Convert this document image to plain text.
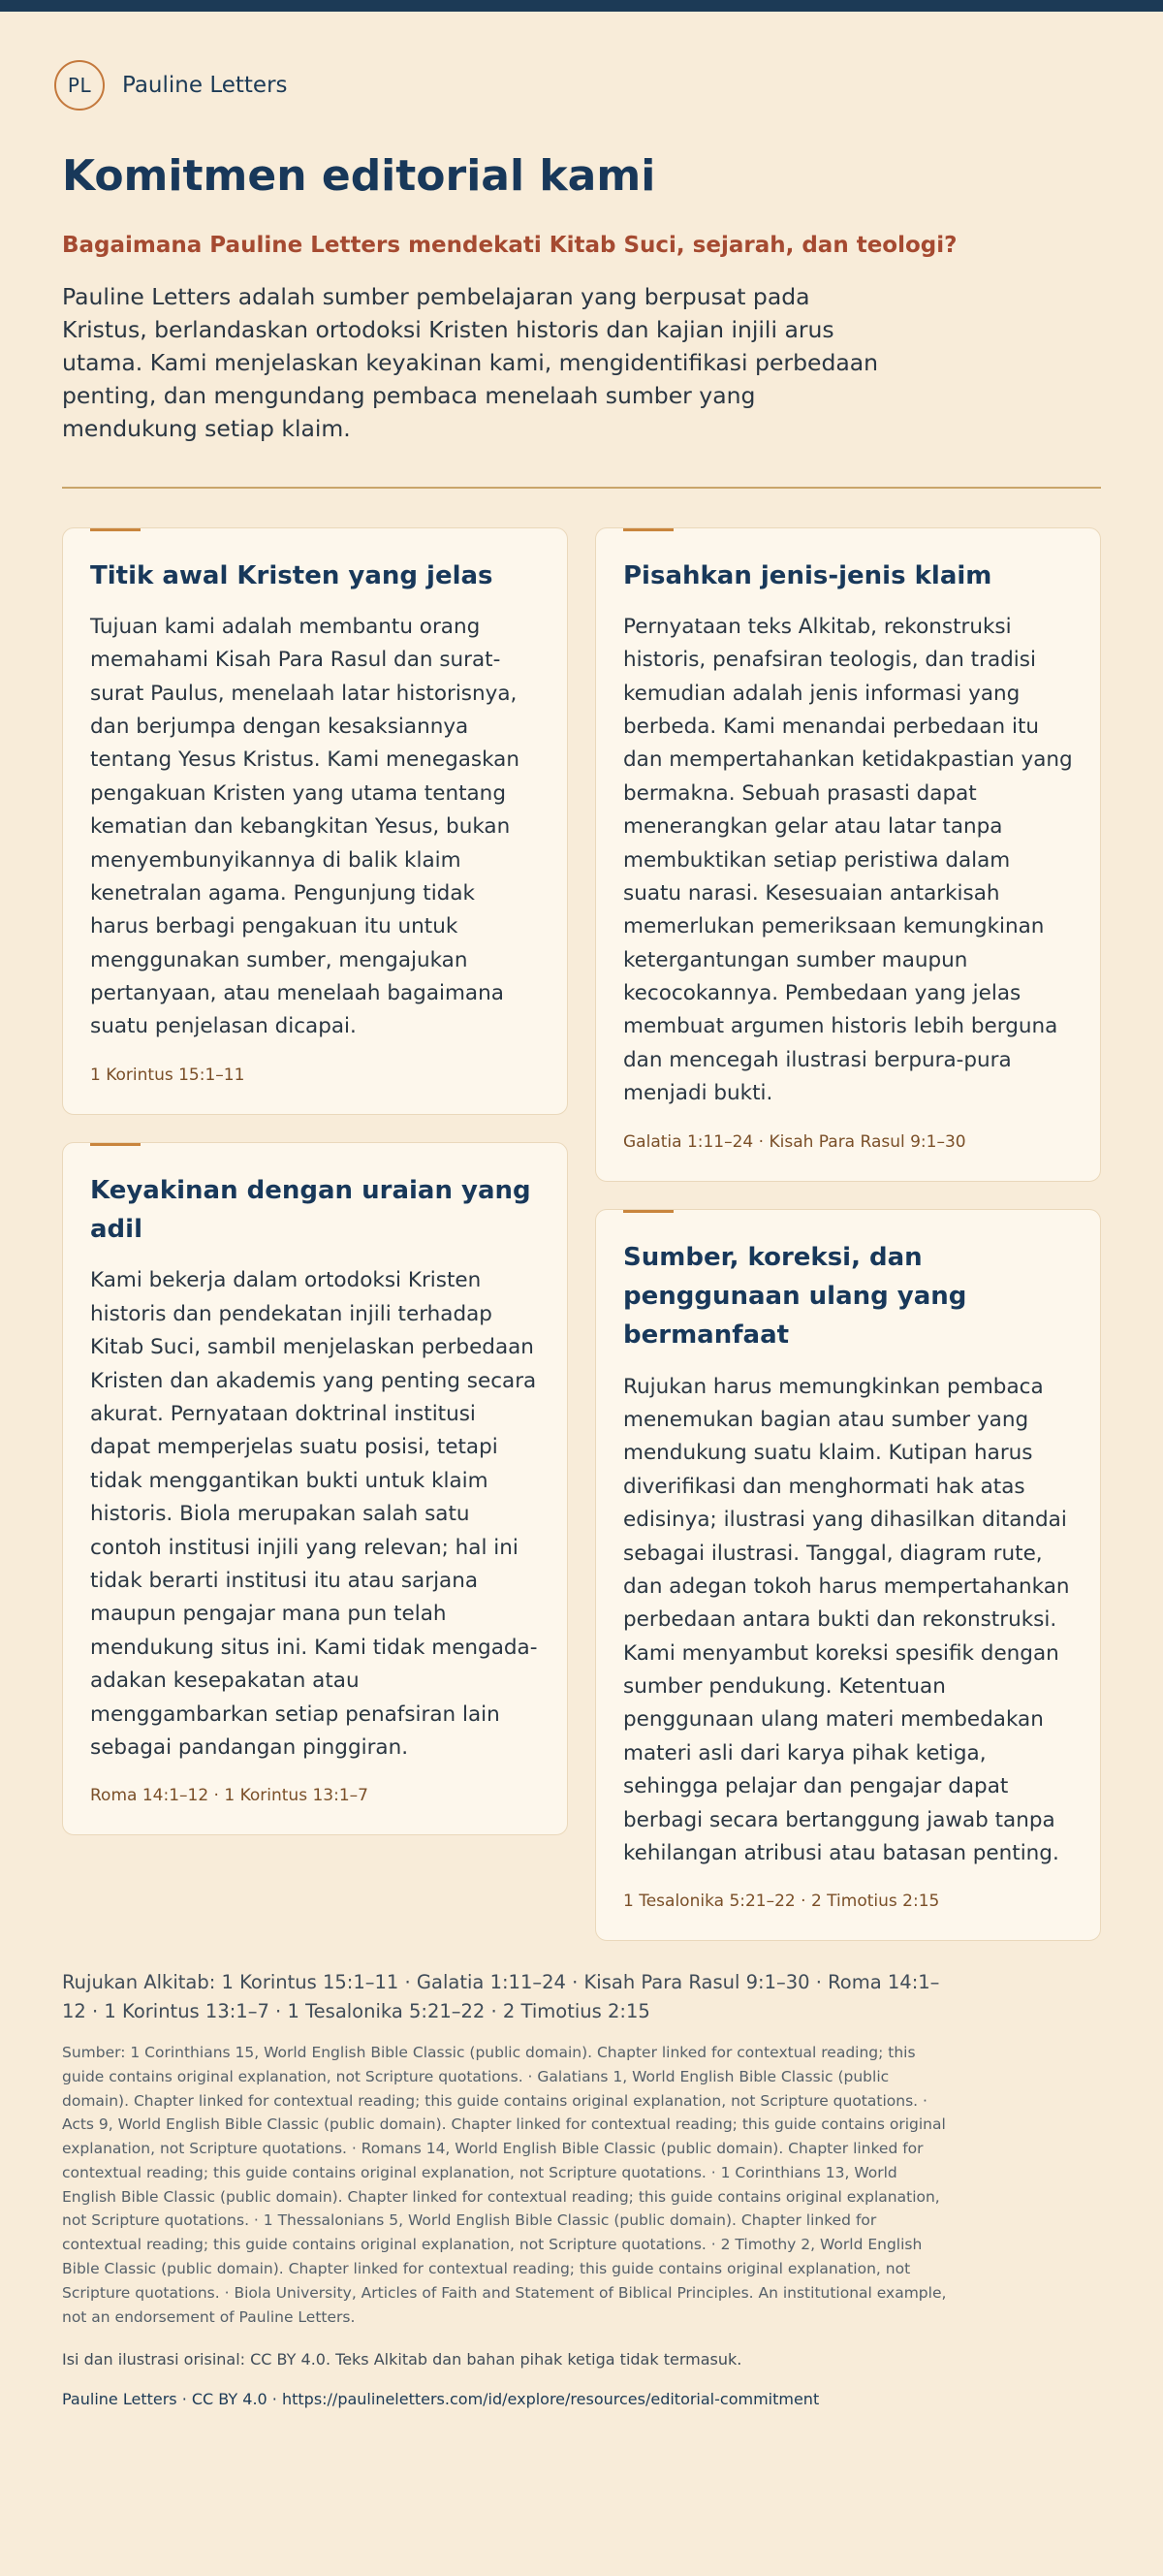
PL	Pauline Letters
Komitmen editorial kami
Bagaimana Pauline Letters mendekati Kitab Suci, sejarah, dan teologi?

Pauline Letters adalah sumber pembelajaran yang berpusat pada Kristus, berlandaskan ortodoksi Kristen historis dan kajian injili arus utama. Kami menjelaskan keyakinan kami, mengidentifikasi perbedaan penting, dan mengundang pembaca menelaah sumber yang mendukung setiap klaim.

Titik awal Kristen yang jelas

Tujuan kami adalah membantu orang memahami Kisah Para Rasul dan surat-surat Paulus, menelaah latar historisnya, dan berjumpa dengan kesaksiannya tentang Yesus Kristus. Kami menegaskan pengakuan Kristen yang utama tentang kematian dan kebangkitan Yesus, bukan menyembunyikannya di balik klaim kenetralan agama. Pengunjung tidak harus berbagi pengakuan itu untuk menggunakan sumber, mengajukan pertanyaan, atau menelaah bagaimana suatu penjelasan dicapai.

1 Korintus 15:1–11
Keyakinan dengan uraian yang adil

Kami bekerja dalam ortodoksi Kristen historis dan pendekatan injili terhadap Kitab Suci, sambil menjelaskan perbedaan Kristen dan akademis yang penting secara akurat. Pernyataan doktrinal institusi dapat memperjelas suatu posisi, tetapi tidak menggantikan bukti untuk klaim historis. Biola merupakan salah satu contoh institusi injili yang relevan; hal ini tidak berarti institusi itu atau sarjana maupun pengajar mana pun telah mendukung situs ini. Kami tidak mengada-adakan kesepakatan atau menggambarkan setiap penafsiran lain sebagai pandangan pinggiran.

Roma 14:1–12 · 1 Korintus 13:1–7
Pisahkan jenis-jenis klaim

Pernyataan teks Alkitab, rekonstruksi historis, penafsiran teologis, dan tradisi kemudian adalah jenis informasi yang berbeda. Kami menandai perbedaan itu dan mempertahankan ketidakpastian yang bermakna. Sebuah prasasti dapat menerangkan gelar atau latar tanpa membuktikan setiap peristiwa dalam suatu narasi. Kesesuaian antarkisah memerlukan pemeriksaan kemungkinan ketergantungan sumber maupun kecocokannya. Pembedaan yang jelas membuat argumen historis lebih berguna dan mencegah ilustrasi berpura-pura menjadi bukti.

Galatia 1:11–24 · Kisah Para Rasul 9:1–30
Sumber, koreksi, dan penggunaan ulang yang bermanfaat

Rujukan harus memungkinkan pembaca menemukan bagian atau sumber yang mendukung suatu klaim. Kutipan harus diverifikasi dan menghormati hak atas edisinya; ilustrasi yang dihasilkan ditandai sebagai ilustrasi. Tanggal, diagram rute, dan adegan tokoh harus mempertahankan perbedaan antara bukti dan rekonstruksi. Kami menyambut koreksi spesifik dengan sumber pendukung. Ketentuan penggunaan ulang materi membedakan materi asli dari karya pihak ketiga, sehingga pelajar dan pengajar dapat berbagi secara bertanggung jawab tanpa kehilangan atribusi atau batasan penting.

1 Tesalonika 5:21–22 · 2 Timotius 2:15

Rujukan Alkitab: 1 Korintus 15:1–11 · Galatia 1:11–24 · Kisah Para Rasul 9:1–30 · Roma 14:1–12 · 1 Korintus 13:1–7 · 1 Tesalonika 5:21–22 · 2 Timotius 2:15

Sumber: 1 Corinthians 15, World English Bible Classic (public domain). Chapter linked for contextual reading; this guide contains original explanation, not Scripture quotations. · Galatians 1, World English Bible Classic (public domain). Chapter linked for contextual reading; this guide contains original explanation, not Scripture quotations. · Acts 9, World English Bible Classic (public domain). Chapter linked for contextual reading; this guide contains original explanation, not Scripture quotations. · Romans 14, World English Bible Classic (public domain). Chapter linked for contextual reading; this guide contains original explanation, not Scripture quotations. · 1 Corinthians 13, World English Bible Classic (public domain). Chapter linked for contextual reading; this guide contains original explanation, not Scripture quotations. · 1 Thessalonians 5, World English Bible Classic (public domain). Chapter linked for contextual reading; this guide contains original explanation, not Scripture quotations. · 2 Timothy 2, World English Bible Classic (public domain). Chapter linked for contextual reading; this guide contains original explanation, not Scripture quotations. · Biola University, Articles of Faith and Statement of Biblical Principles. An institutional example, not an endorsement of Pauline Letters.

Isi dan ilustrasi orisinal: CC BY 4.0. Teks Alkitab dan bahan pihak ketiga tidak termasuk.

Pauline Letters · CC BY 4.0 · https://paulineletters.com/id/explore/resources/editorial-commitment
